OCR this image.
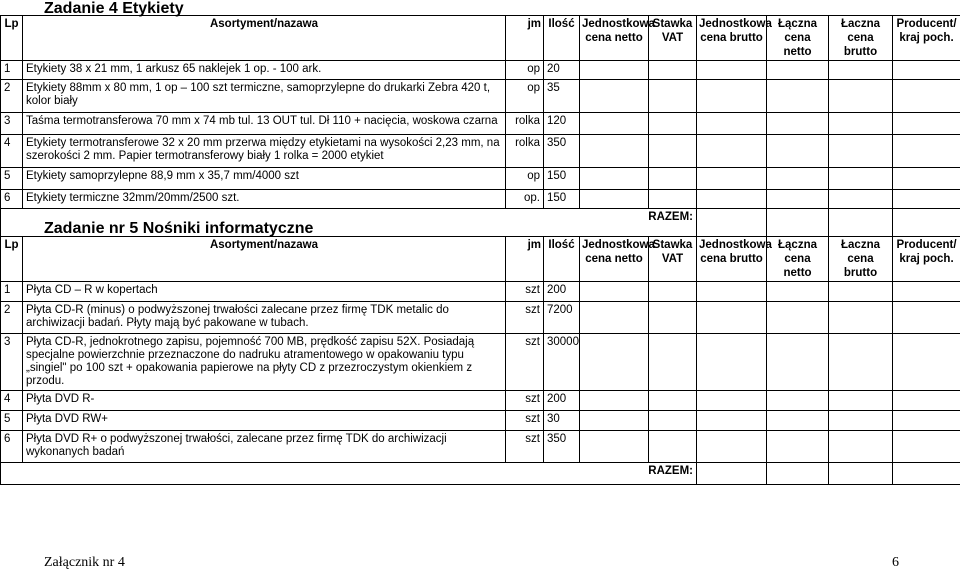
Zadanie 4 Etykiety
Lp	Asortyment/nazawa	jm	Ilość	Jednostkowa cena netto	Stawka VAT	Jednostkowa cena brutto	Łączna cena netto	Łaczna cena brutto	Producent/ kraj poch.
1	Etykiety 38 x 21 mm, 1 arkusz 65 naklejek 1 op. - 100 ark.	op	20						
2	Etykiety 88mm x 80 mm, 1 op – 100 szt termiczne, samoprzylepne do drukarki Zebra 420 t, kolor biały	op	35						
3	Taśma termotransferowa 70 mm x 74 mb tul. 13 OUT tul. Dł 110 + nacięcia, woskowa czarna	rolka	120						
4	Etykiety termotransferowe 32 x 20 mm przerwa między etykietami na wysokości 2,23 mm, na szerokości 2 mm. Papier termotransferowy biały 1 rolka = 2000 etykiet	rolka	350						
5	Etykiety samoprzylepne 88,9 mm x 35,7 mm/4000 szt	op	150						
6	Etykiety termiczne 32mm/20mm/2500 szt.	op.	150						
RAZEM:									
Zadanie nr 5 Nośniki informatyczne
Lp	Asortyment/nazawa	jm	Ilość	Jednostkowa cena netto	Stawka VAT	Jednostkowa cena brutto	Łączna cena netto	Łaczna cena brutto	Producent/ kraj poch.
1	Płyta CD – R w kopertach	szt	200						
2	Płyta CD-R (minus) o podwyższonej trwałości zalecane przez firmę TDK metalic do archiwizacji badań. Płyty mają być pakowane w tubach.	szt	7200						
3	Płyta CD-R, jednokrotnego zapisu, pojemność 700 MB, prędkość zapisu 52X. Posiadają specjalne powierzchnie przeznaczone do nadruku atramentowego w opakowaniu typu „singiel" po 100 szt + opakowania papierowe na płyty CD z przezroczystym okienkiem z przodu.	szt	30000						
4	Płyta DVD R-	szt	200						
5	Płyta DVD RW+	szt	30						
6	Płyta DVD R+ o podwyższonej trwałości, zalecane przez firmę TDK do archiwizacji wykonanych badań	szt	350						
RAZEM:									
Załącznik nr 4	6
